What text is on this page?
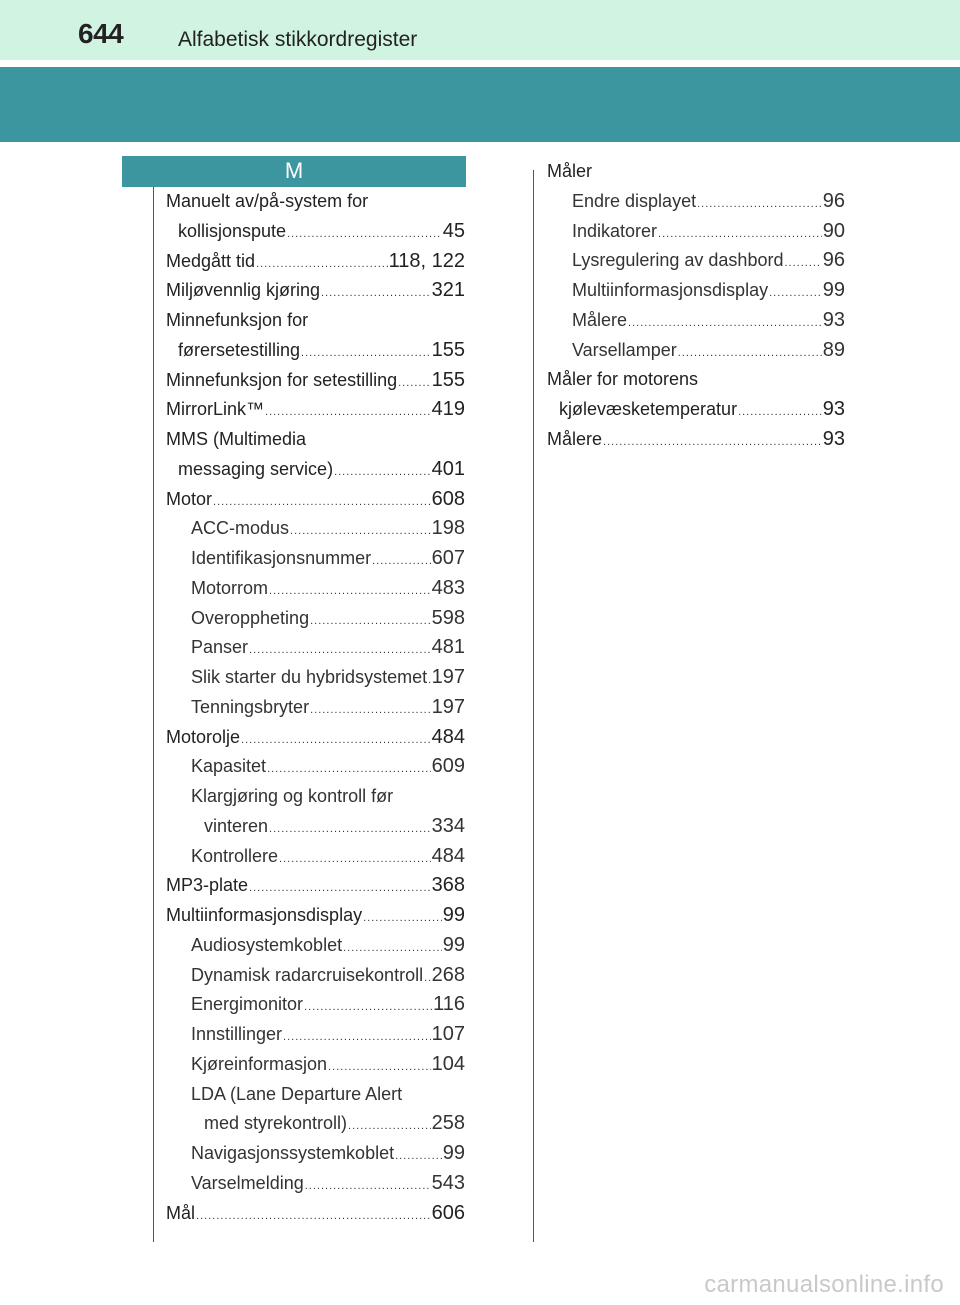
644	Alfabetisk stikkordregister
M
Manuelt av/på-system for
kollisjonspute .....	45
Medgått tid .....	118, 122
Miljøvennlig kjøring .....	321
Minnefunksjon for
førersetestilling .....	155
Minnefunksjon for setestilling ..... 155
MirrorLink™ .....	419
MMS (Multimedia
messaging service) .....	401
Motor .....	608
ACC-modus .....	198
Identifikasjonsnummer .....	607
Motorrom .....	483
Overoppheting .....	598
Panser .....	481
Slik starter du hybridsystemet ..... 197
Tenningsbryter .....	197
Motorolje .....	484
Kapasitet .....	609
Klargjøring og kontroll før
vinteren .....	334
Kontrollere .....	484
MP3-plate .....	368
Multiinformasjonsdisplay .....	99
Audiosystemkoblet .....	99
Dynamisk radarcruisekontroll ..... 268
Energimonitor .....	116
Innstillinger .....	107
Kjøreinformasjon .....	104
LDA (Lane Departure Alert
med styrekontroll) .....	258
Navigasjonssystemkoblet ..... 99
Varselmelding .....	543
Mål .....	606
Måler
Endre displayet .....	96
Indikatorer .....	90
Lysregulering av dashbord ..... 96
Multiinformasjonsdisplay .....	99
Målere .....	93
Varsellamper .....	89
Måler for motorens
kjølevæsketemperatur .....	93
Målere .....	93
carmanualsonline.info
